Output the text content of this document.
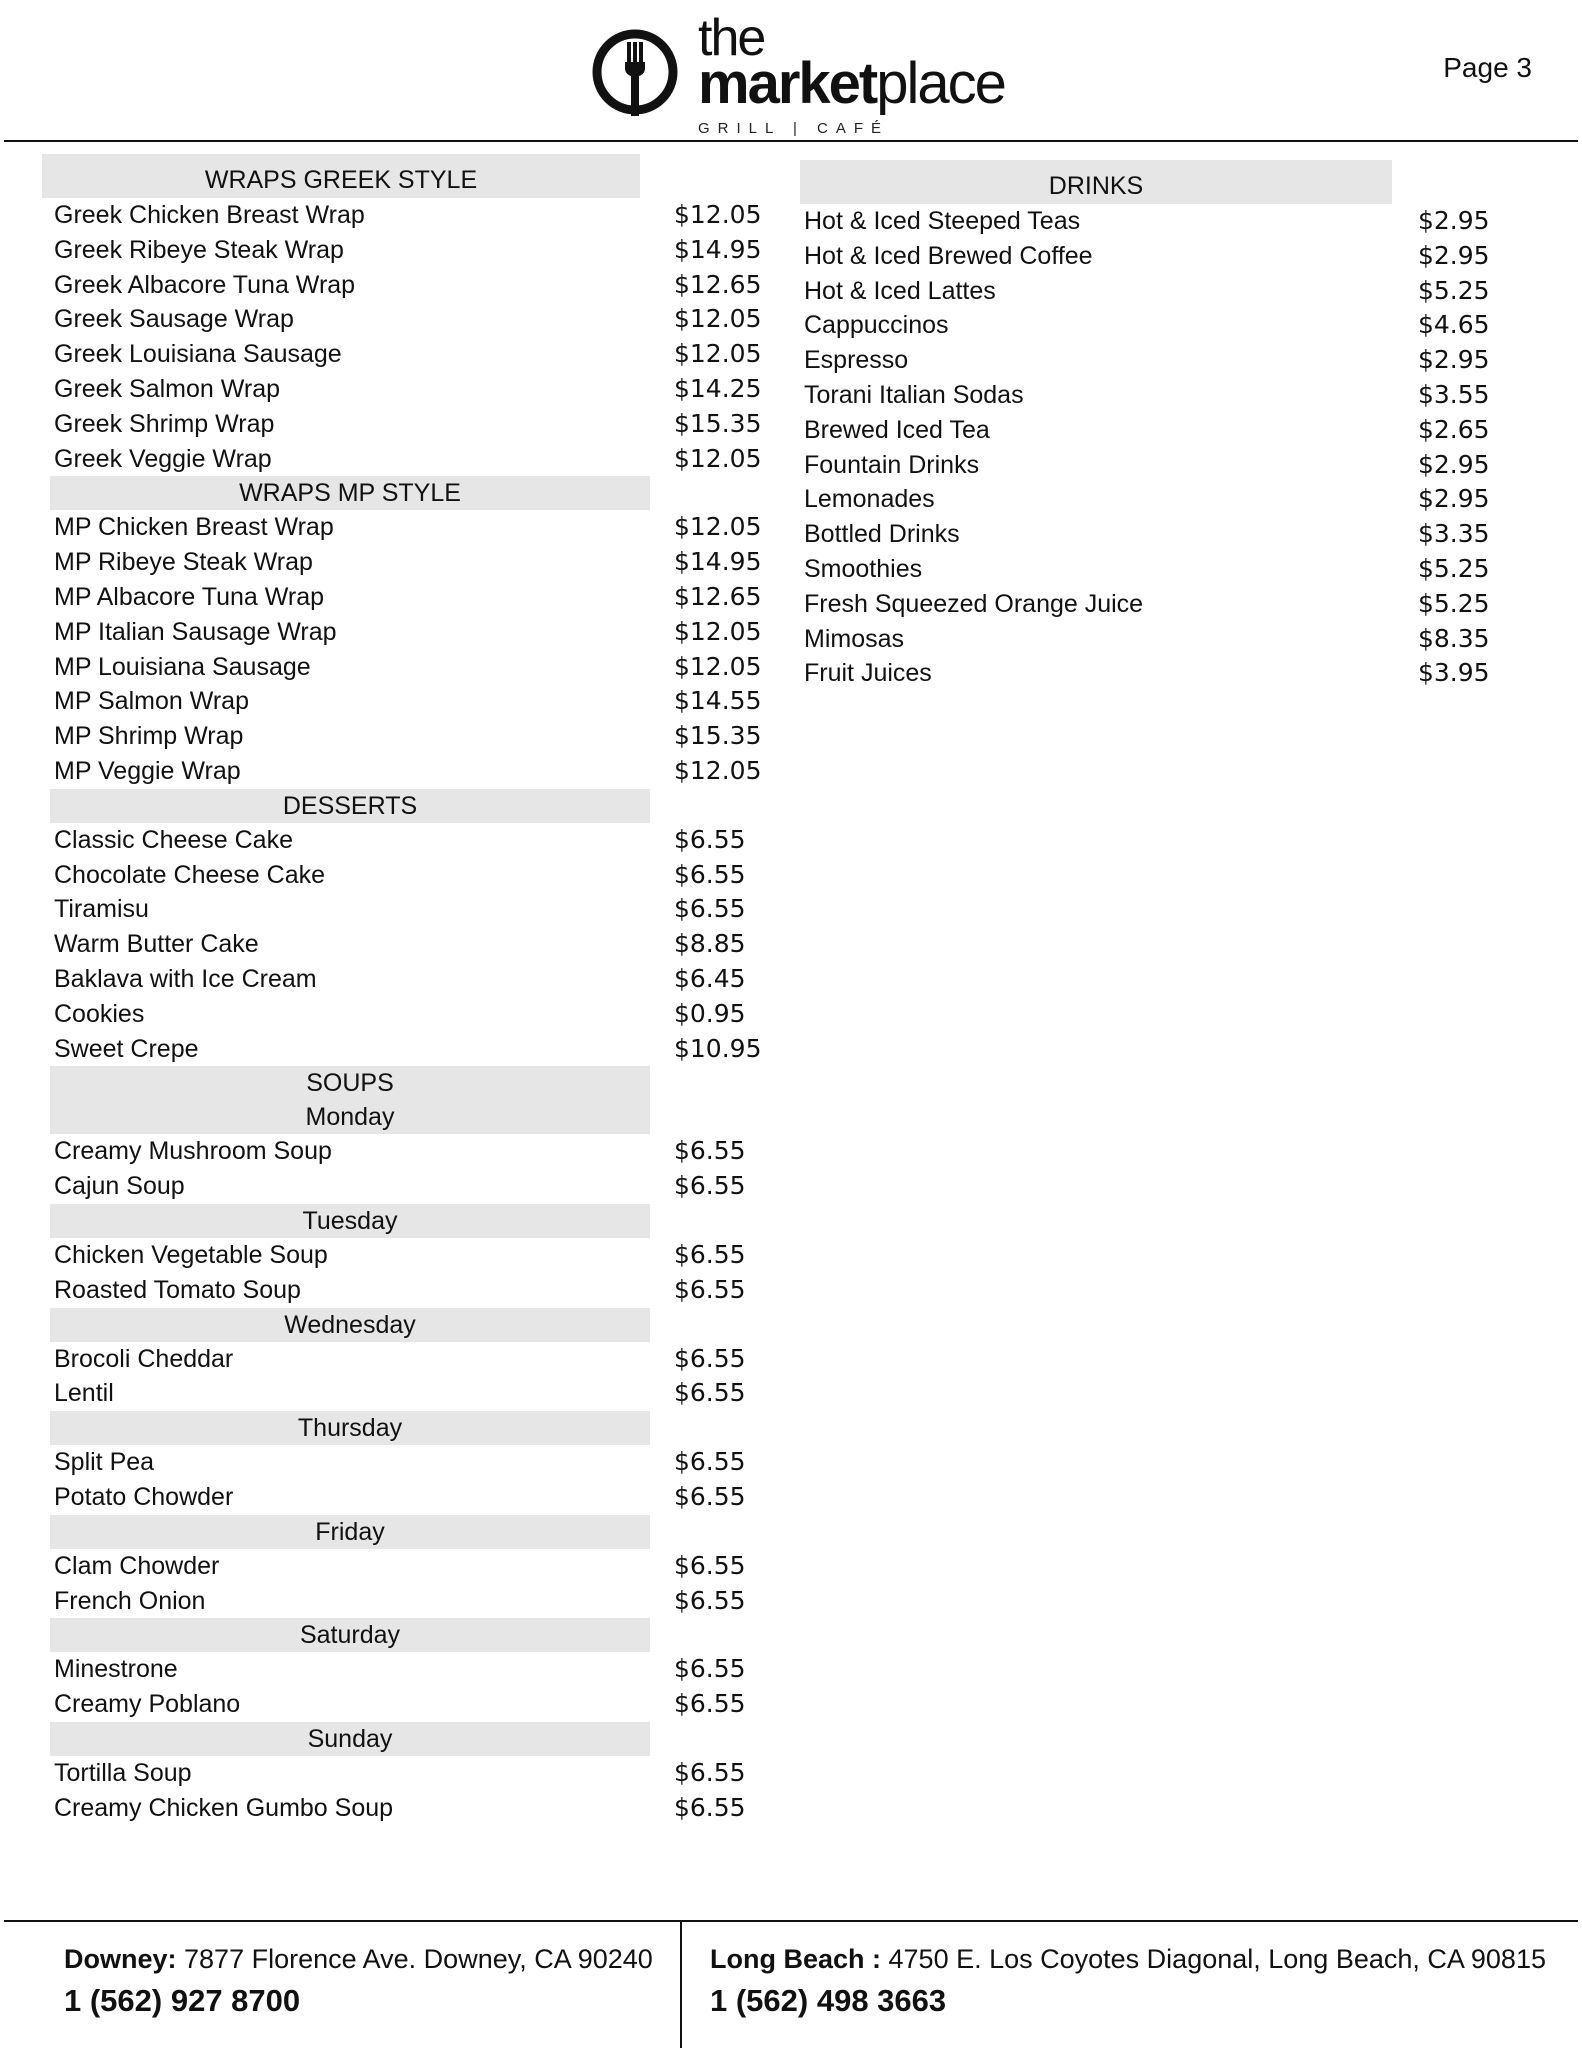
the
marketplace
GRILL | CAFÉ
Page 3
WRAPS GREEK STYLE
Greek Chicken Breast Wrap	$12.05
Greek Ribeye Steak Wrap	$14.95
Greek Albacore Tuna Wrap	$12.65
Greek Sausage Wrap	$12.05
Greek Louisiana Sausage	$12.05
Greek Salmon Wrap	$14.25
Greek Shrimp Wrap	$15.35
Greek Veggie Wrap	$12.05
WRAPS MP STYLE
MP Chicken Breast Wrap	$12.05
MP Ribeye Steak Wrap	$14.95
MP Albacore Tuna Wrap	$12.65
MP Italian Sausage Wrap	$12.05
MP Louisiana Sausage	$12.05
MP Salmon Wrap	$14.55
MP Shrimp Wrap	$15.35
MP Veggie Wrap	$12.05
DESSERTS
Classic Cheese Cake	$6.55
Chocolate Cheese Cake	$6.55
Tiramisu	$6.55
Warm Butter Cake	$8.85
Baklava with Ice Cream	$6.45
Cookies	$0.95
Sweet Crepe	$10.95
SOUPS
Monday
Creamy Mushroom Soup	$6.55
Cajun Soup	$6.55
Tuesday
Chicken Vegetable Soup	$6.55
Roasted Tomato Soup	$6.55
Wednesday
Brocoli Cheddar	$6.55
Lentil	$6.55
Thursday
Split Pea	$6.55
Potato Chowder	$6.55
Friday
Clam Chowder	$6.55
French Onion	$6.55
Saturday
Minestrone	$6.55
Creamy Poblano	$6.55
Sunday
Tortilla Soup	$6.55
Creamy Chicken Gumbo Soup	$6.55
DRINKS
Hot & Iced Steeped Teas	$2.95
Hot & Iced Brewed Coffee	$2.95
Hot & Iced Lattes	$5.25
Cappuccinos	$4.65
Espresso	$2.95
Torani Italian Sodas	$3.55
Brewed Iced Tea	$2.65
Fountain Drinks	$2.95
Lemonades	$2.95
Bottled Drinks	$3.35
Smoothies	$5.25
Fresh Squeezed Orange Juice	$5.25
Mimosas	$8.35
Fruit Juices	$3.95
Downey: 7877 Florence Ave. Downey, CA 90240
1 (562) 927 8700
Long Beach : 4750 E. Los Coyotes Diagonal, Long Beach, CA 90815
1 (562) 498 3663
